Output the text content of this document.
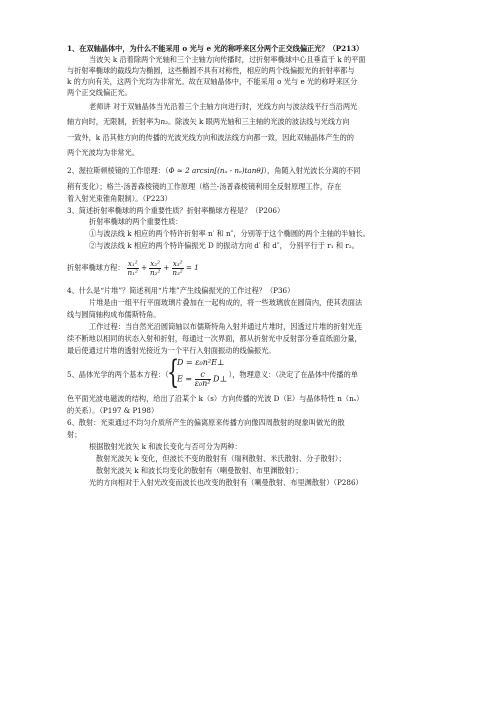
1、在双轴晶体中，为什么不能采用 o 光与 e 光的称呼来区分两个正交线偏正光？（P213）
当波矢 k 沿着除两个光轴和三个主轴方向传播时，过折射率椭球中心且垂直于 k 的平面
与折射率椭球的截线均为椭圆，这些椭圆不具有对称性，相应的两个线偏振光的折射率都与
k 的方向有关，这两个光均为非常光。故在双轴晶体中，不能采用 o 光与 e 光的称呼来区分
两个正交线偏正光。
老师讲 对于双轴晶体当光沿着三个主轴方向进行时，光线方向与波法线平行当沿两光
轴方向时，无限制，折射率为n₂。除波矢 k 眼两光轴和三主轴的光波的波法线与光线方向
一致外，k 沿其他方向的传播的光波光线方向和波法线方向都一致，因此双轴晶体产生的的
两个光波均为非常光。
2、渥拉斯顿棱镜的工作原理：（Φ ≈ 2 arcsin[(nₒ - nₑ)tanθ]），角随入射光波长分离的不同
稍有变化）；格兰-汤普森棱镜的工作原理（格兰-汤普森棱镜利用全反射原理工作，存在
着入射光束锥角限制）。（P223）
3、简述折射率椭球的两个重要性质？折射率椭球方程是？（P206）
折射率椭球的两个重要性质：
①与波法线 k 相应的两个特许折射率 n′ 和 n″，分别等于这个椭圆的两个主轴的半轴长。
②与波法线 k 相应的两个特许偏振光 D 的振动方向 d′ 和 d″， 分别平行于 r₁ 和 r₂。
折射率椭球方程： $\frac{\text{x₁²}}{\text{n₁²}} + \frac{\text{x₂²}}{\text{n₂²}} + \frac{\text{x₃²}}{\text{n₃²}} = 1$
4、什么是“片堆”？简述利用“片堆”产生线偏振光的工作过程？（P36）
片堆是由一组平行平面玻璃片叠加在一起构成的，将一些玻璃放在圆筒内，使其表面法
线与圆筒轴构成布儒斯特角。
工作过程：当自然光沿圆筒轴以布儒斯特角入射并通过片堆时，因透过片堆的折射光连
续不断地以相同的状态入射和折射，每通过一次界面，都从折射光中反射部分垂直纸面分量，
最后使通过片堆的透射光接近为一个平行入射面振动的线偏振光。
5、晶体光学的两个基本方程：（	），物理意义：（决定了在晶体中传播的单
{
D = ε₀n²E⊥
$E = \frac{c}{\text{ε₀n²}}$ D⊥
色平面光波电磁波的结构，给出了沿某个 k（s）方向传播的光波 D（E）与晶体特性 n（nₛ）
的关系）。（P197 & P198）
6、散射：光束通过不均匀介质所产生的偏离原来传播方向像四周散射的现象叫做光的散
射；
根据散射光波矢 k 和波长变化与否可分为两种：
散射光波矢 k 变化，但波长不变的散射有（瑞利散射、米氏散射、分子散射）；
散射光波矢 k 和波长均变化的散射有（喇曼散射、布里渊散射）；
光的方向相对于入射光改变而波长也改变的散射有（喇曼散射、布里渊散射）（P286）
